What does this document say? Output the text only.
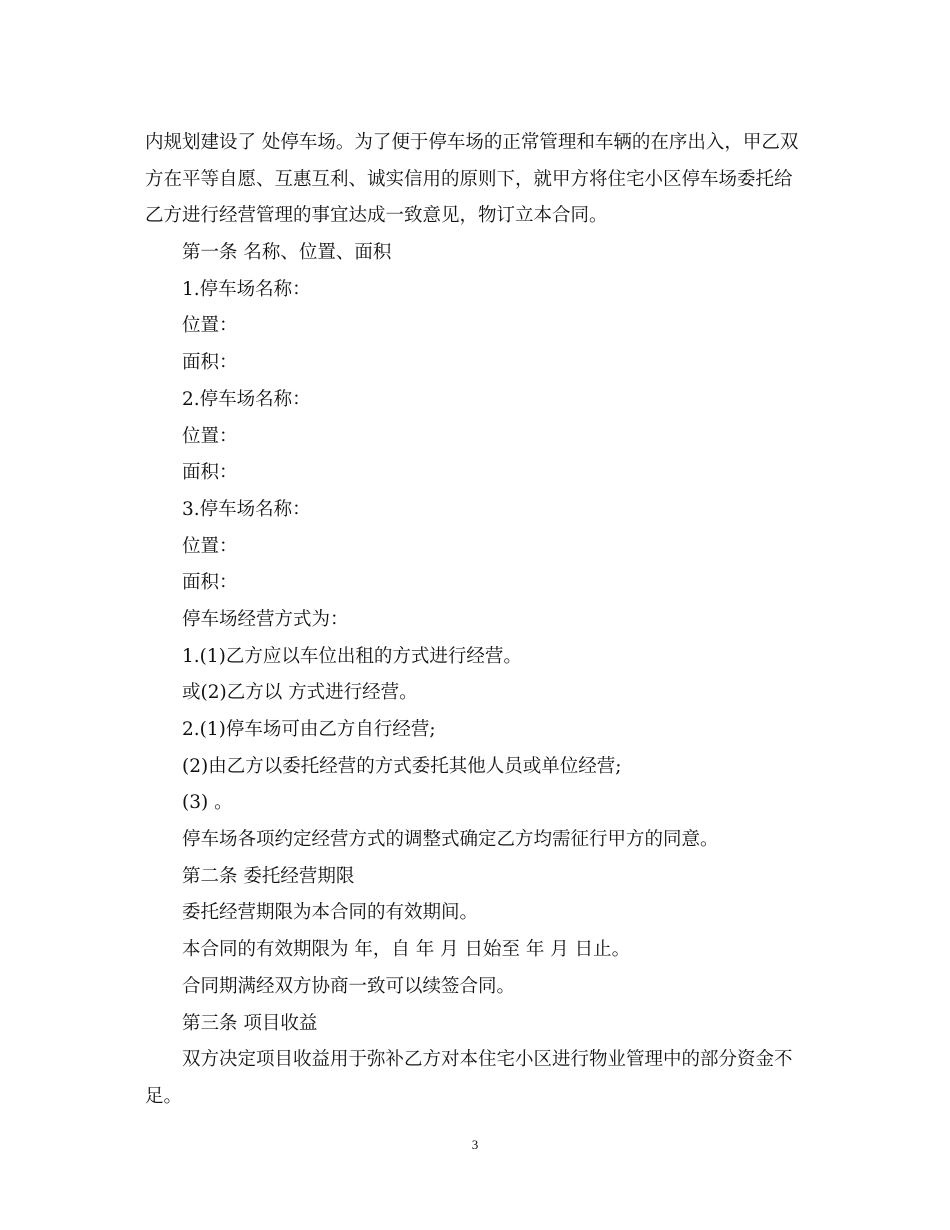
内规划建设了 处停车场。为了便于停车场的正常管理和车辆的在序出入，甲乙双
方在平等自愿、互惠互利、诚实信用的原则下，就甲方将住宅小区停车场委托给
乙方进行经营管理的事宜达成一致意见，物订立本合同。
第一条 名称、位置、面积
1.停车场名称：
位置：
面积：
2.停车场名称：
位置：
面积：
3.停车场名称：
位置：
面积：
停车场经营方式为：
1.(1)乙方应以车位出租的方式进行经营。
或(2)乙方以 方式进行经营。
2.(1)停车场可由乙方自行经营;
(2)由乙方以委托经营的方式委托其他人员或单位经营;
(3) 。
停车场各项约定经营方式的调整式确定乙方均需征行甲方的同意。
第二条 委托经营期限
委托经营期限为本合同的有效期间。
本合同的有效期限为 年，自 年 月 日始至 年 月 日止。
合同期满经双方协商一致可以续签合同。
第三条 项目收益
双方决定项目收益用于弥补乙方对本住宅小区进行物业管理中的部分资金不
足。
3
